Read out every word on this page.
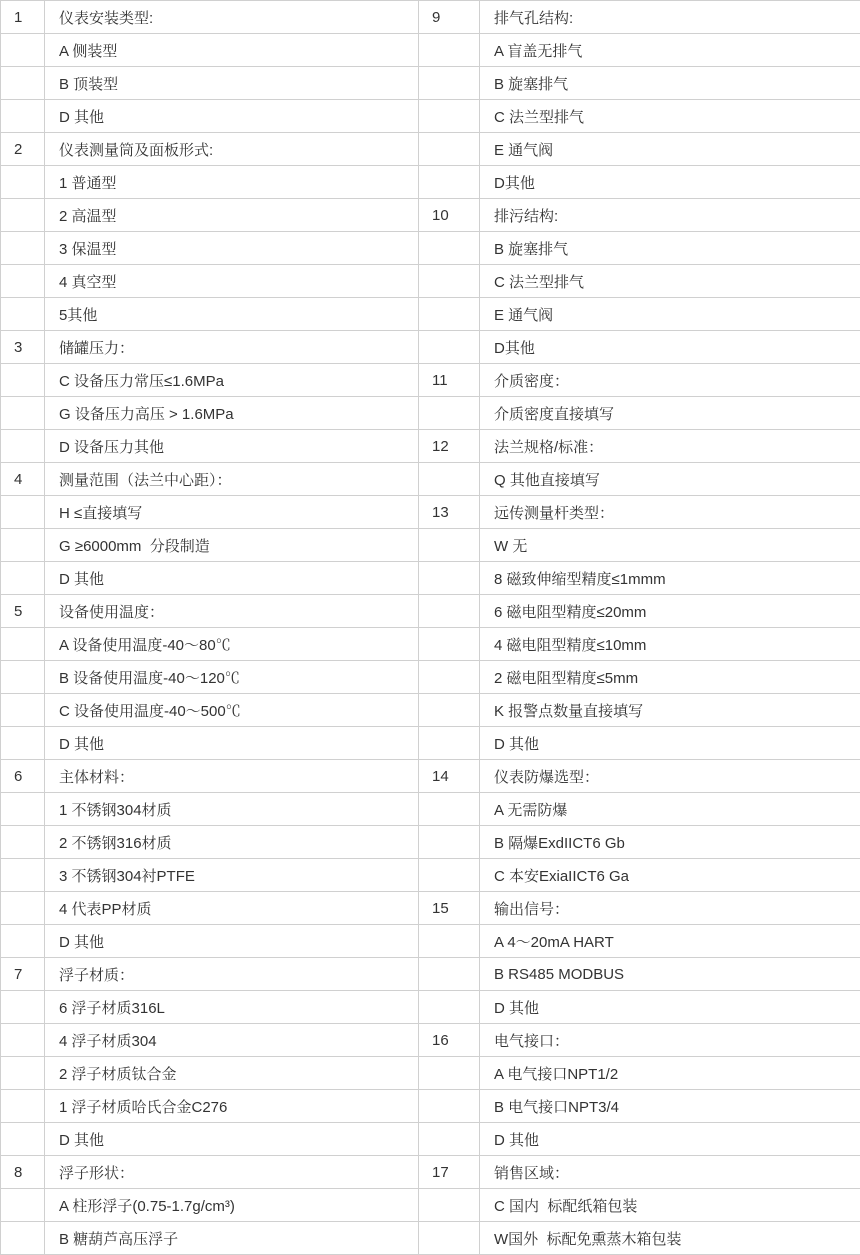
1	仪表安装类型:	9	排气孔结构:
	A 侧装型		A 盲盖无排气
	B 顶装型		B 旋塞排气
	D 其他		C 法兰型排气
2	仪表测量筒及面板形式:		E 通气阀
	1 普通型		D其他
	2 高温型	10	排污结构:
	3 保温型		B 旋塞排气
	4 真空型		C 法兰型排气
	5其他		E 通气阀
3	储罐压力：		D其他
	C 设备压力常压≤1.6MPa	11	介质密度：
	G 设备压力高压 > 1.6MPa		介质密度直接填写
	D 设备压力其他	12	法兰规格/标准：
4	测量范围（法兰中心距）：		Q 其他直接填写
	H ≤直接填写	13	远传测量杆类型：
	G ≥6000mm  分段制造		W 无
	D 其他		8 磁致伸缩型精度≤1mmm
5	设备使用温度：		6 磁电阻型精度≤20mm
	A 设备使用温度-40～80℃		4 磁电阻型精度≤10mm
	B 设备使用温度-40～120℃		2 磁电阻型精度≤5mm
	C 设备使用温度-40～500℃		K 报警点数量直接填写
	D 其他		D 其他
6	主体材料：	14	仪表防爆选型：
	1 不锈钢304材质		A 无需防爆
	2 不锈钢316材质		B 隔爆ExdIICT6 Gb
	3 不锈钢304衬PTFE		C 本安ExiaIICT6 Ga
	4 代表PP材质	15	输出信号：
	D 其他		A 4～20mA HART
7	浮子材质：		B RS485 MODBUS
	6 浮子材质316L		D 其他
	4 浮子材质304	16	电气接口：
	2 浮子材质钛合金		A 电气接口NPT1/2
	1 浮子材质哈氏合金C276		B 电气接口NPT3/4
	D 其他		D 其他
8	浮子形状：	17	销售区域：
	A 柱形浮子(0.75-1.7g/cm³)		C 国内  标配纸箱包装
	B 糖葫芦高压浮子		W国外  标配免熏蒸木箱包装
